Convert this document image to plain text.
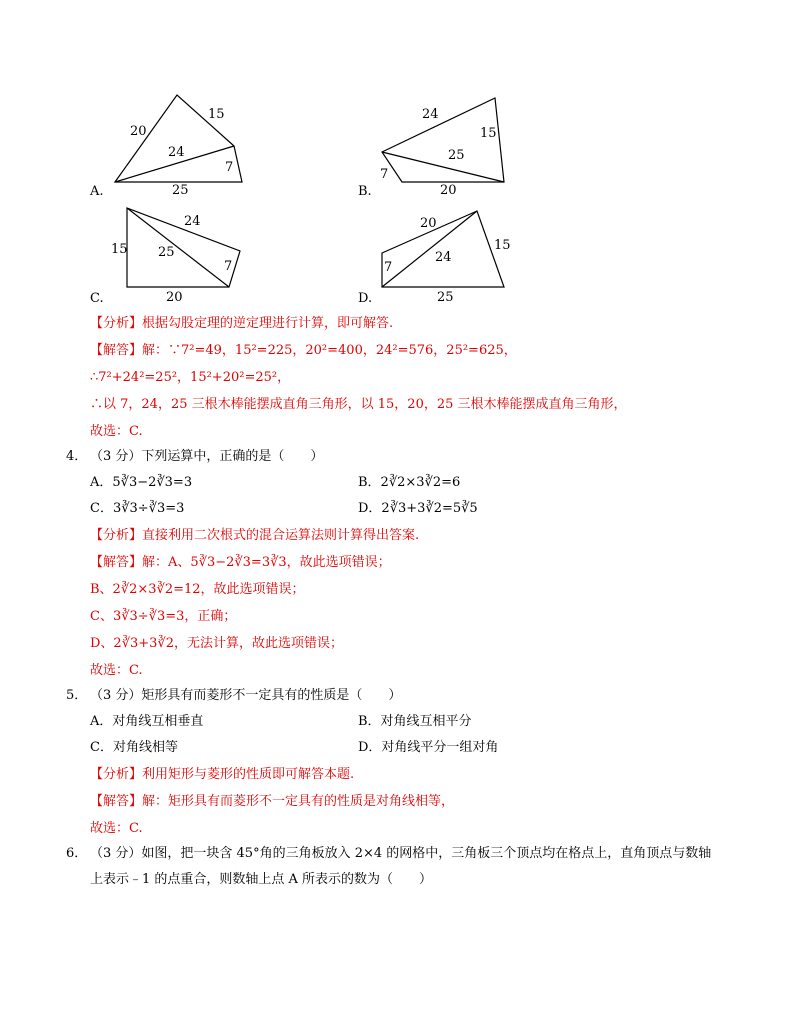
20
15
24
7
25
A.
24
15
25
7
20
B.
24
15 25
7
20
C.
20
15
24
7
25
D.
【分析】根据勾股定理的逆定理进行计算，即可解答.
【解答】解：∵7²=49，15²=225，20²=400，24²=576，25²=625，
∴7²+24²=25²，15²+20²=25²，
∴以 7，24，25 三根木棒能摆成直角三角形，以 15，20，25 三根木棒能摆成直角三角形，
故选：C.
4． （3 分）下列运算中，正确的是（　　）
A．5∛3−2∛3=3	B．2∛2×3∛2=6
C．3∛3÷∛3=3	D．2∛3+3∛2=5∛5
【分析】直接利用二次根式的混合运算法则计算得出答案.
【解答】解：A、5∛3−2∛3=3∛3，故此选项错误；
B、2∛2×3∛2=12，故此选项错误；
C、3∛3÷∛3=3，正确；
D、2∛3+3∛2，无法计算，故此选项错误；
故选：C.
5． （3 分）矩形具有而菱形不一定具有的性质是（　　）
A．对角线互相垂直	B．对角线互相平分
C．对角线相等	D．对角线平分一组对角
【分析】利用矩形与菱形的性质即可解答本题.
【解答】解：矩形具有而菱形不一定具有的性质是对角线相等，
故选：C.
6． （3 分）如图，把一块含 45°角的三角板放入 2×4 的网格中，三角板三个顶点均在格点上，直角顶点与数轴
上表示﹣1 的点重合，则数轴上点 A 所表示的数为（　　）
